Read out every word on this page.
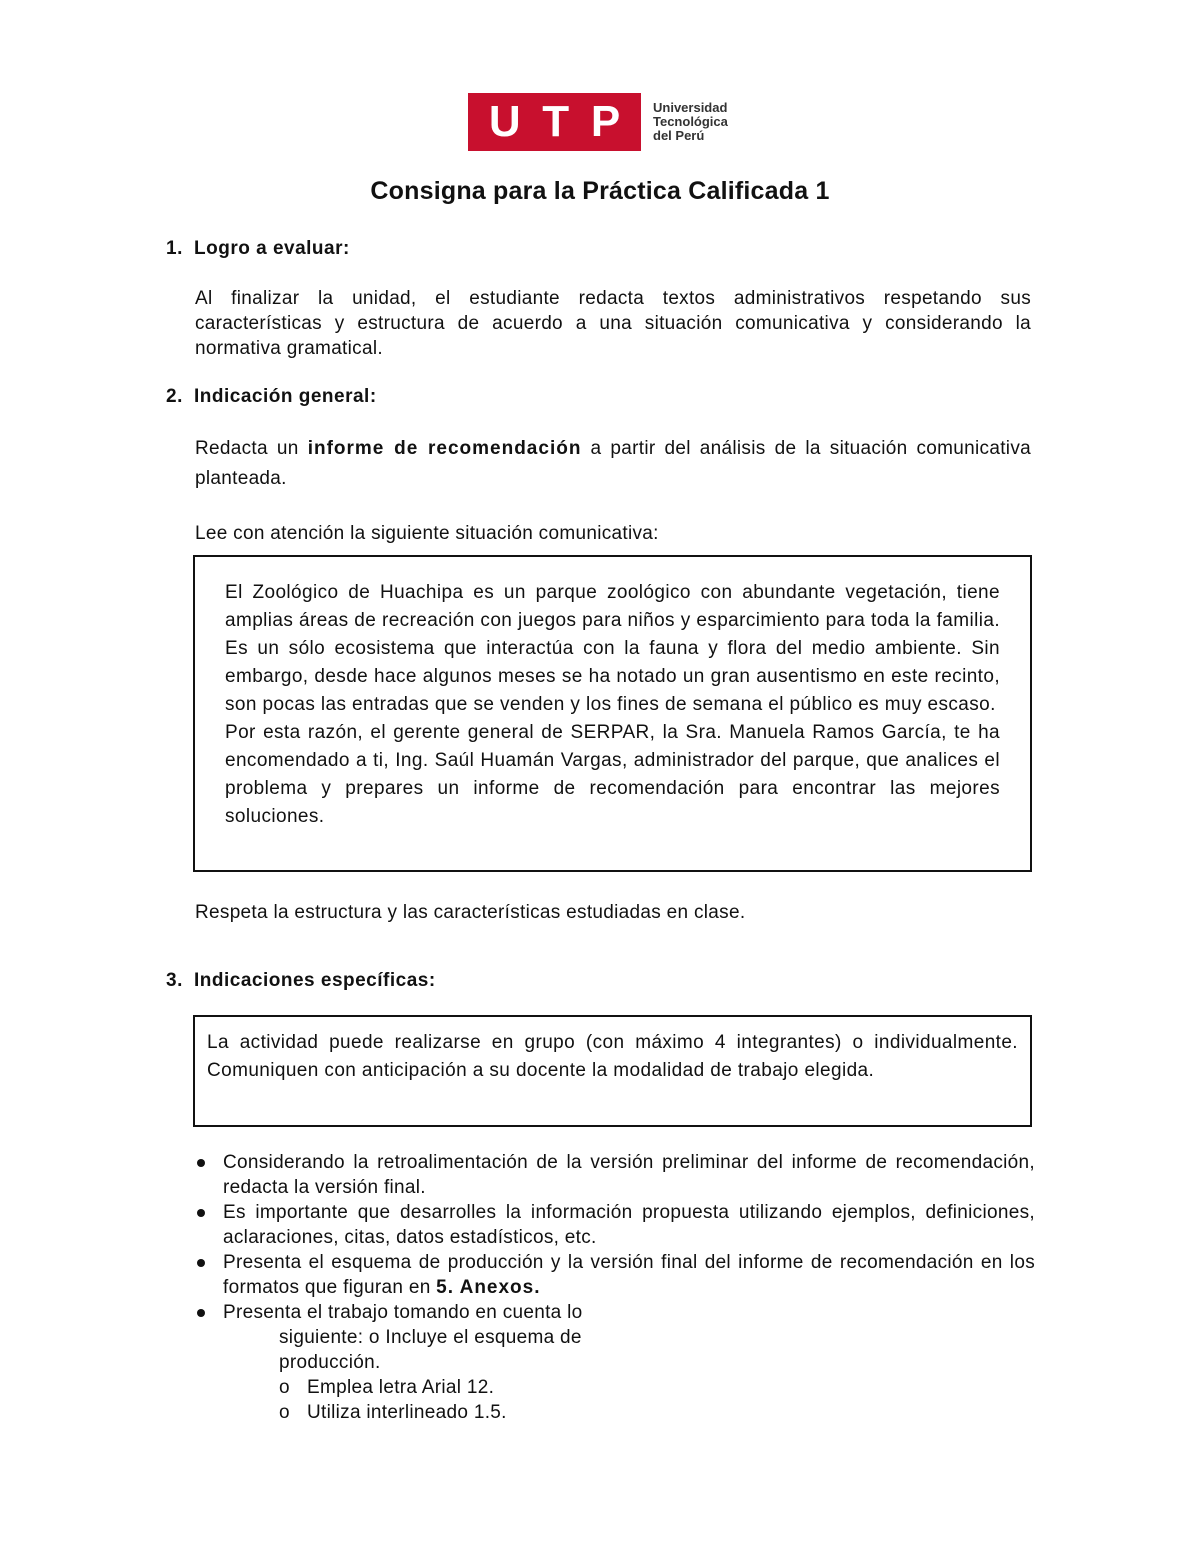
U T P	Universidad
Tecnológica
del Perú
Consigna para la Práctica Calificada 1
1. Logro a evaluar:
Al finalizar la unidad, el estudiante redacta textos administrativos respetando sus características y estructura de acuerdo a una situación comunicativa y considerando la normativa gramatical.
2. Indicación general:
Redacta un informe de recomendación a partir del análisis de la situación comunicativa planteada.
Lee con atención la siguiente situación comunicativa:

El Zoológico de Huachipa es un parque zoológico con abundante vegetación, tiene amplias áreas de recreación con juegos para niños y esparcimiento para toda la familia. Es un sólo ecosistema que interactúa con la fauna y flora del medio ambiente. Sin embargo, desde hace algunos meses se ha notado un gran ausentismo en este recinto, son pocas las entradas que se venden y los fines de semana el público es muy escaso.

Por esta razón, el gerente general de SERPAR, la Sra. Manuela Ramos García, te ha encomendado a ti, Ing. Saúl Huamán Vargas, administrador del parque, que analices el problema y prepares un informe de recomendación para encontrar las mejores soluciones.

Respeta la estructura y las características estudiadas en clase.
3. Indicaciones específicas:

La actividad puede realizarse en grupo (con máximo 4 integrantes) o individualmente. Comuniquen con anticipación a su docente la modalidad de trabajo elegida.

Considerando la retroalimentación de la versión preliminar del informe de recomendación, redacta la versión final.
Es importante que desarrolles la información propuesta utilizando ejemplos, definiciones, aclaraciones, citas, datos estadísticos, etc.
Presenta el esquema de producción y la versión final del informe de recomendación en los formatos que figuran en 5. Anexos.
Presenta el trabajo tomando en cuenta lo
siguiente: o Incluye el esquema de
producción.
o Emplea letra Arial 12.
o Utiliza interlineado 1.5.
